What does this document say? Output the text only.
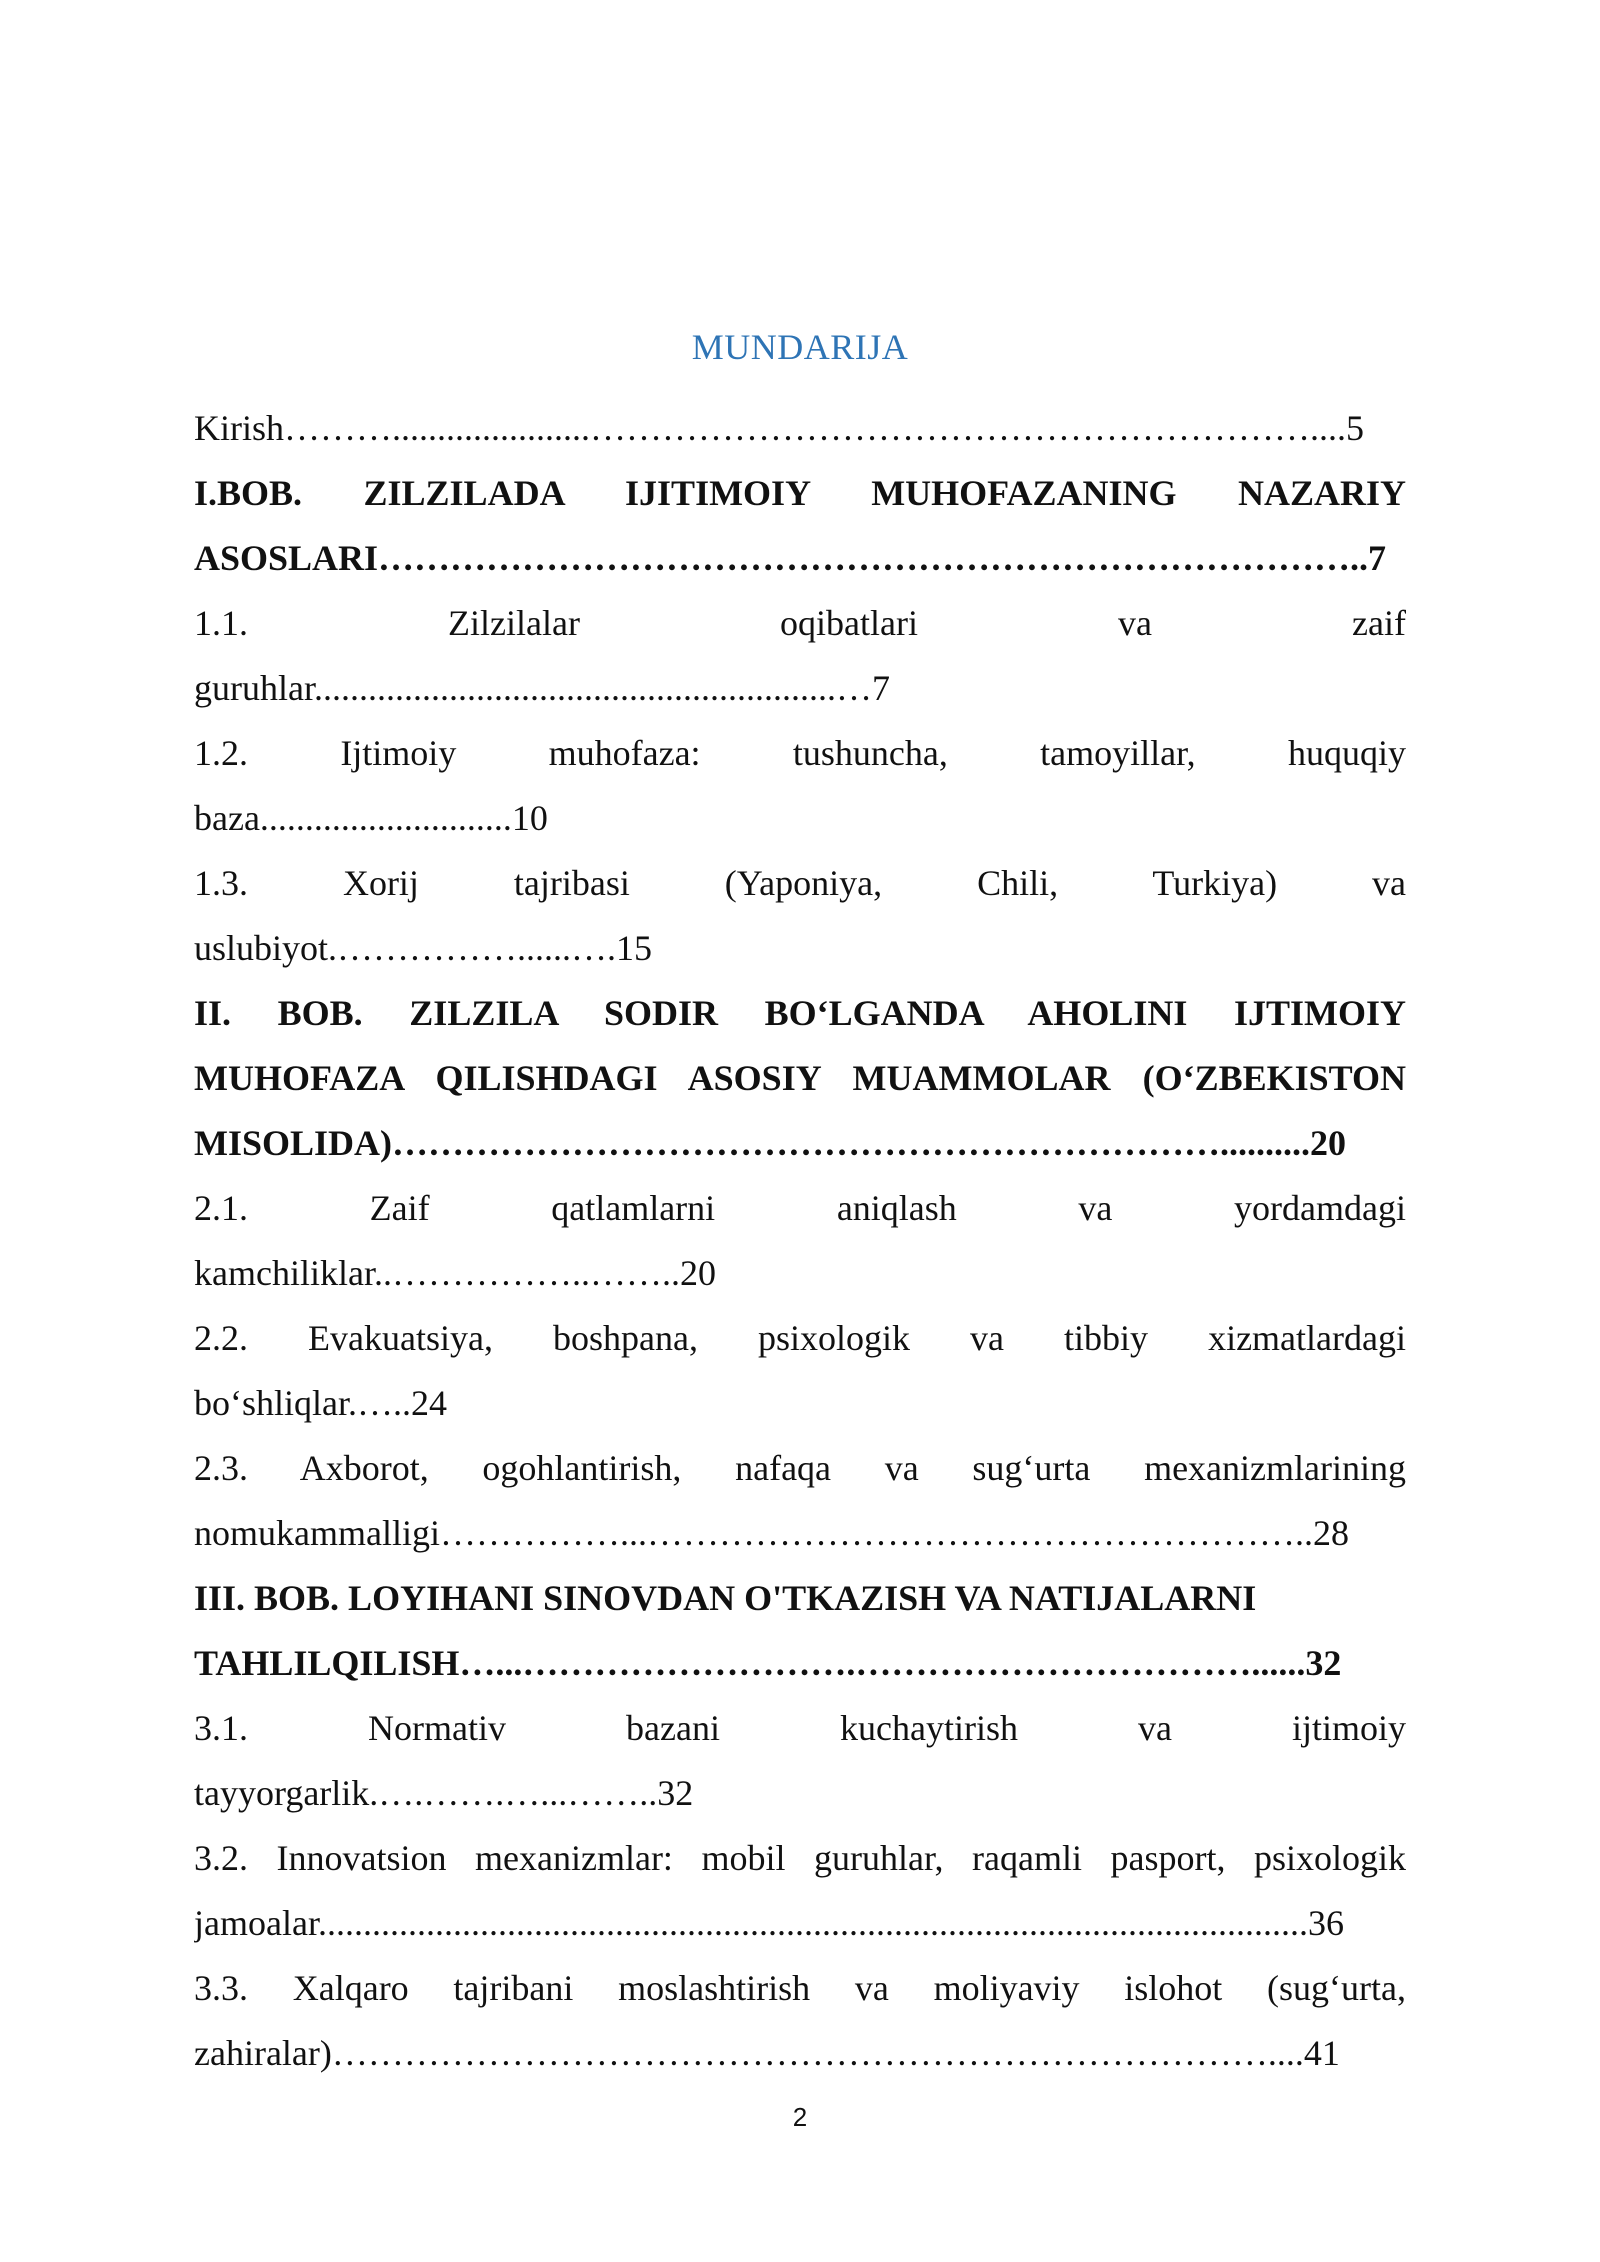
MUNDARIJA
Kirish………......................……………………………………………………....5
I.BOB. ZILZILADA IJITIMOIY MUHOFAZANING NAZARIY
ASOSLARI………………………………………………………………………..7
1.1. Zilzilalar oqibatlari va zaif
guruhlar..........................................................…7
1.2. Ijtimoiy muhofaza: tushuncha, tamoyillar, huquqiy
baza............................10
1.3. Xorij tajribasi (Yaponiya, Chili, Turkiya) va
uslubiyot.……………......….15
II. BOB. ZILZILA SODIR BO‘LGANDA AHOLINI IJTIMOIY
MUHOFAZA QILISHDAGI ASOSIY MUAMMOLAR (O‘ZBEKISTON
MISOLIDA)……………………………………………………………..........20
2.1. Zaif qatlamlarni aniqlash va yordamdagi
kamchiliklar..……………..……..20
2.2. Evakuatsiya, boshpana, psixologik va tibbiy xizmatlardagi
bo‘shliqlar.…..24
2.3. Axborot, ogohlantirish, nafaqa va sug‘urta mexanizmlarining
nomukammalligi……………...………………………………………………..28
III. BOB. LOYIHANI SINOVDAN O'TKAZISH VA NATIJALARNI
TAHLILQILISH…...……………………….……………………………......32
3.1. Normativ bazani kuchaytirish va ijtimoiy
tayyorgarlik.….…….…...……..32
3.2. Innovatsion mexanizmlar: mobil guruhlar, raqamli pasport, psixologik
jamoalar..............................................................................................................36
3.3. Xalqaro tajribani moslashtirish va moliyaviy islohot (sug‘urta,
zahiralar)……………………………………………………………………....41
2
